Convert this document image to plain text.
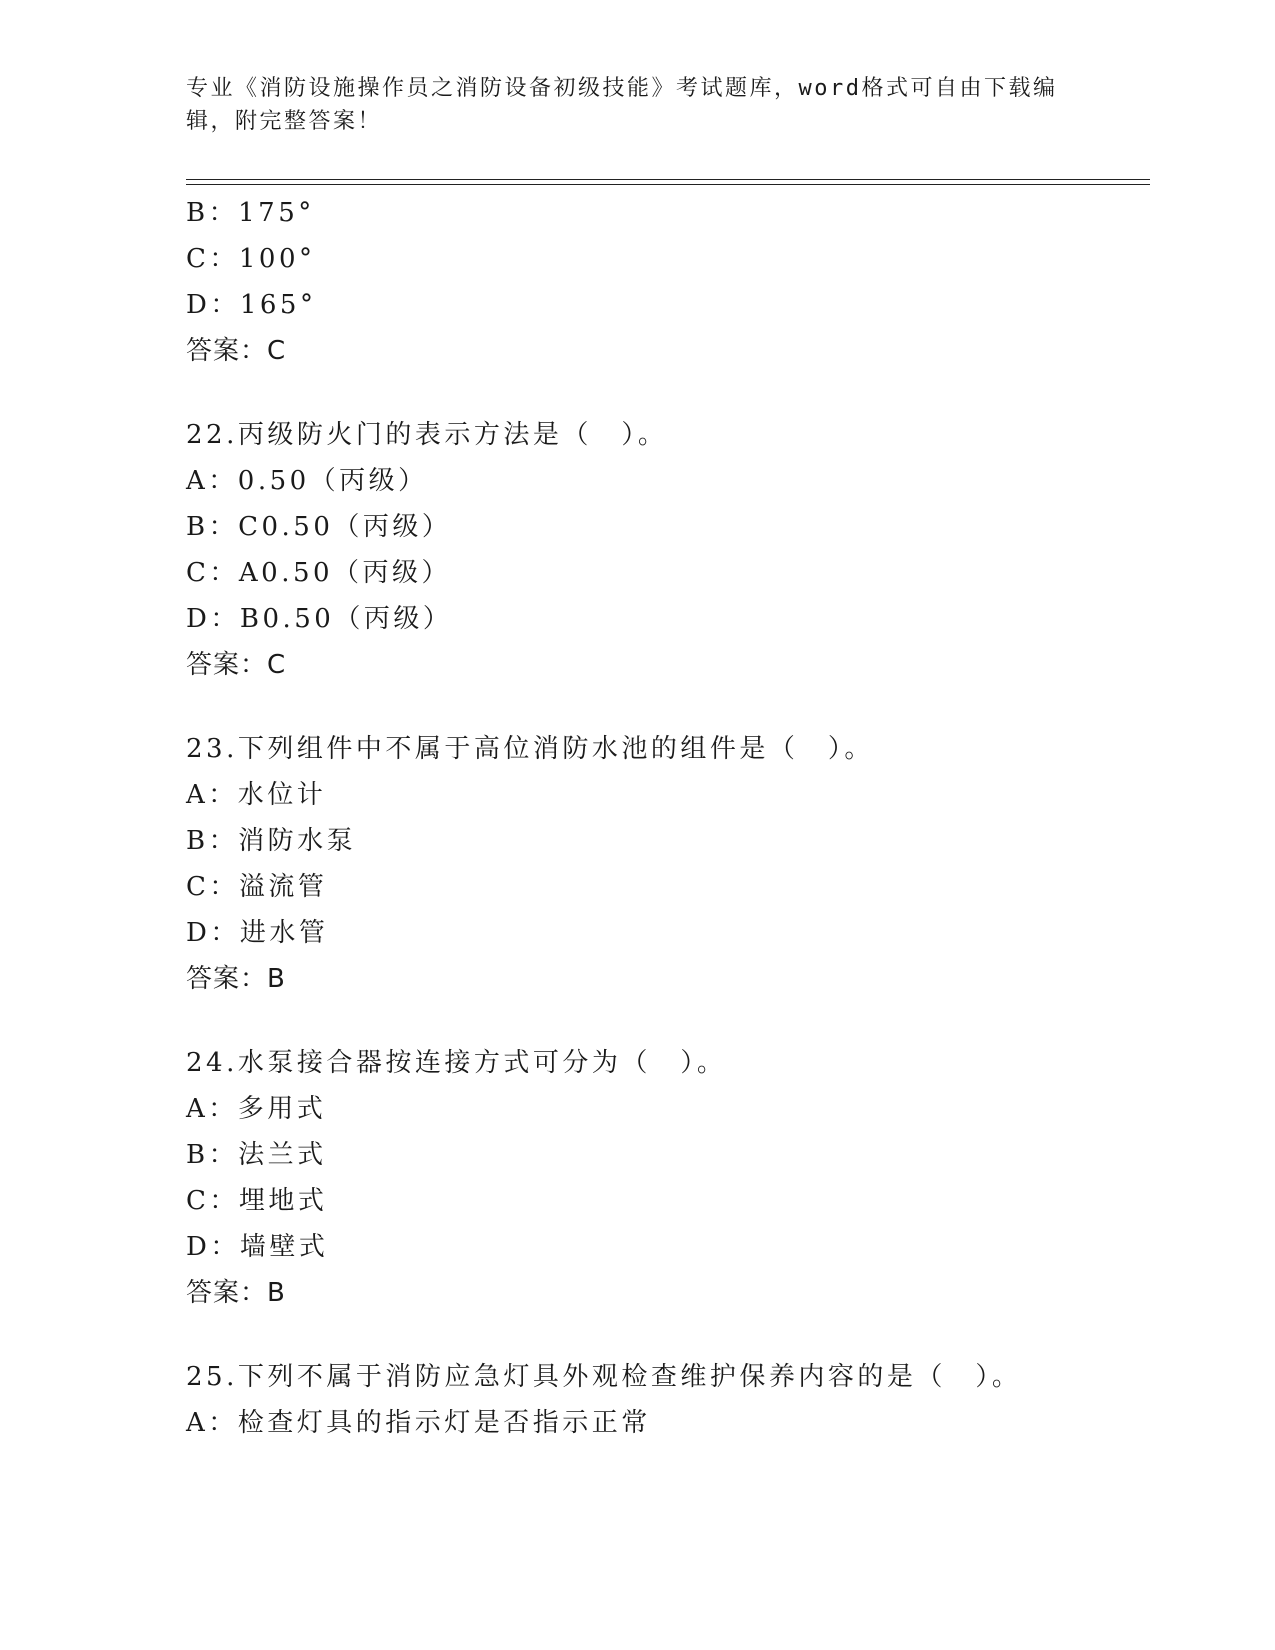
专业《消防设施操作员之消防设备初级技能》考试题库，word格式可自由下载编
辑，附完整答案！
B：175°
C：100°
D：165°
答案：C
22.丙级防火门的表示方法是（　）。
A：0.50（丙级）
B：C0.50（丙级）
C：A0.50（丙级）
D：B0.50（丙级）
答案：C
23.下列组件中不属于高位消防水池的组件是（　）。
A：水位计
B：消防水泵
C：溢流管
D：进水管
答案：B
24.水泵接合器按连接方式可分为（　）。
A：多用式
B：法兰式
C：埋地式
D：墙壁式
答案：B
25.下列不属于消防应急灯具外观检查维护保养内容的是（　）。
A：检查灯具的指示灯是否指示正常
